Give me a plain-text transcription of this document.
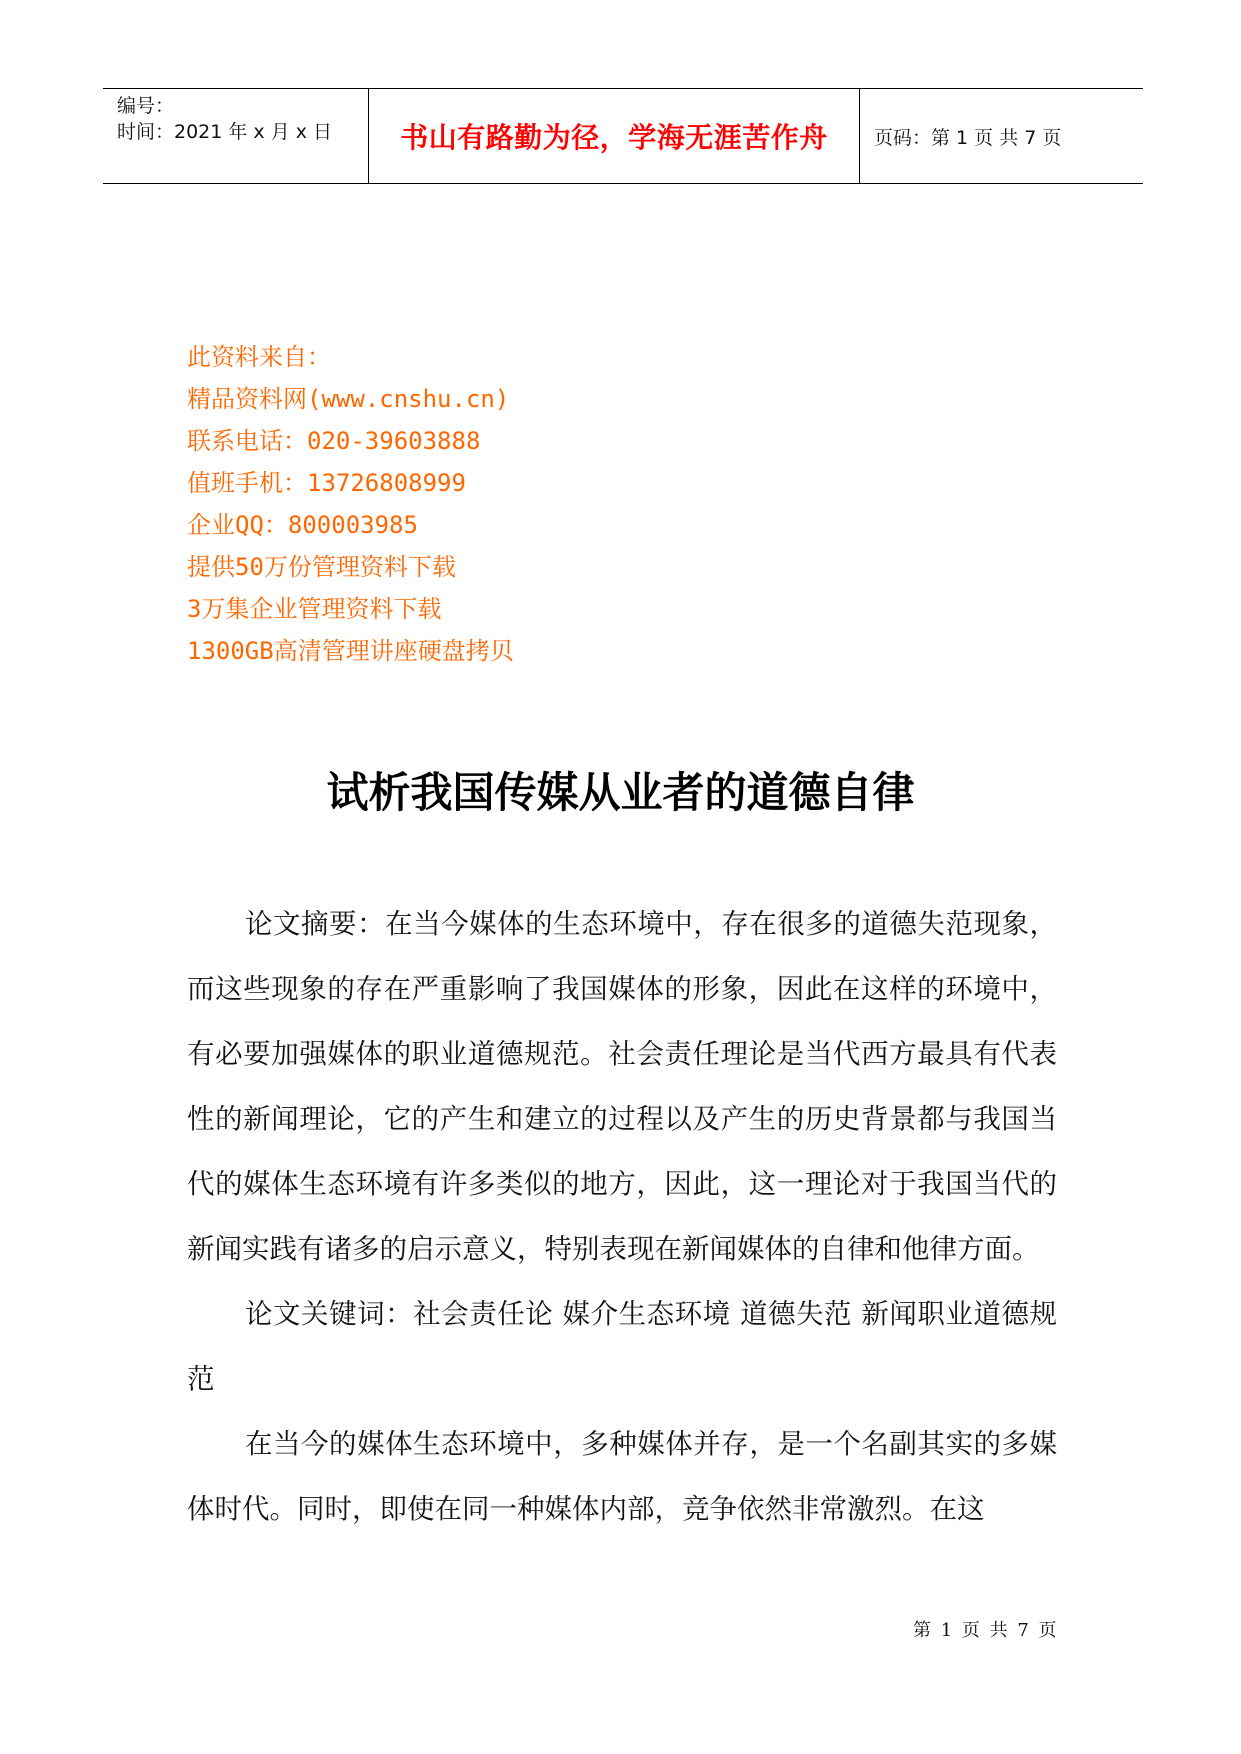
编号：
时间：2021 年 x 月 x 日	书山有路勤为径，学海无涯苦作舟	页码：第 1 页 共 7 页
此资料来自：
精品资料网(www.cnshu.cn)
联系电话：020-39603888
值班手机：13726808999
企业QQ：800003985
提供50万份管理资料下载
3万集企业管理资料下载
1300GB高清管理讲座硬盘拷贝
试析我国传媒从业者的道德自律

论文摘要：在当今媒体的生态环境中，存在很多的道德失范现象，而这些现象的存在严重影响了我国媒体的形象，因此在这样的环境中，有必要加强媒体的职业道德规范。社会责任理论是当代西方最具有代表性的新闻理论，它的产生和建立的过程以及产生的历史背景都与我国当代的媒体生态环境有许多类似的地方，因此，这一理论对于我国当代的新闻实践有诸多的启示意义，特别表现在新闻媒体的自律和他律方面。

论文关键词：社会责任论 媒介生态环境 道德失范 新闻职业道德规范

在当今的媒体生态环境中，多种媒体并存，是一个名副其实的多媒体时代。同时，即使在同一种媒体内部，竞争依然非常激烈。在这

第 1 页 共 7 页
